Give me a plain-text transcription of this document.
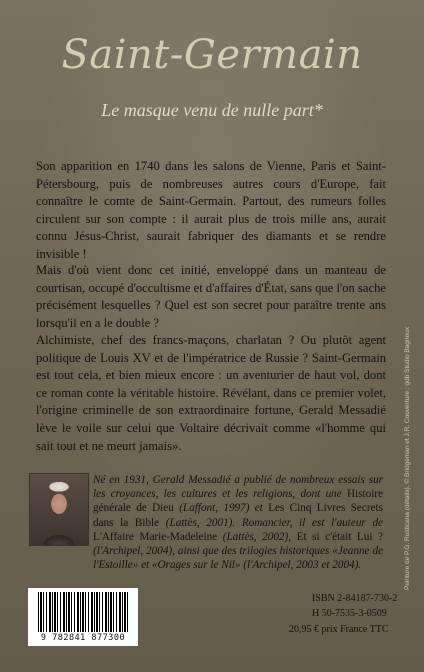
Saint-Germain
Le masque venu de nulle part*
Son apparition en 1740 dans les salons de Vienne, Paris et Saint-Pétersbourg, puis de nombreuses autres cours d'Europe, fait connaître le comte de Saint-Germain. Partout, des rumeurs folles circulent sur son compte : il aurait plus de trois mille ans, aurait connu Jésus-Christ, saurait fabriquer des diamants et se rendre invisible !
Mais d'où vient donc cet initié, enveloppé dans un manteau de courtisan, occupé d'occultisme et d'affaires d'État, sans que l'on sache précisément lesquelles ? Quel est son secret pour paraître trente ans lorsqu'il en a le double ?
Alchimiste, chef des francs-maçons, charlatan ? Ou plutôt agent politique de Louis XV et de l'impératrice de Russie ? Saint-Germain est tout cela, et bien mieux encore : un aventurier de haut vol, dont ce roman conte la véritable histoire. Révélant, dans ce premier volet, l'origine criminelle de son extraordinaire fortune, Gerald Messadié lève le voile sur celui que Voltaire décrivait comme «l'homme qui sait tout et ne meurt jamais».
Né en 1931, Gerald Messadié a publié de nombreux essais sur les croyances, les cultures et les religions, dont une Histoire générale de Dieu (Laffont, 1997) et Les Cinq Livres Secrets dans la Bible (Lattès, 2001). Romancier, il est l'auteur de L'Affaire Marie-Madeleine (Lattès, 2002), Et si c'était Lui ? (l'Archipel, 2004), ainsi que des trilogies historiques «Jeanne de l'Estoille» et «Orages sur le Nil» (l'Archipel, 2003 et 2004).
9 782841 877300
ISBN 2-84187-730-2
H 50-7535-3-0509
20,95 € prix France TTC
Peinture de P.G. Rusticana (détails). © Bridgeman et J.R. Couverture : gdb Studio Bagneux
